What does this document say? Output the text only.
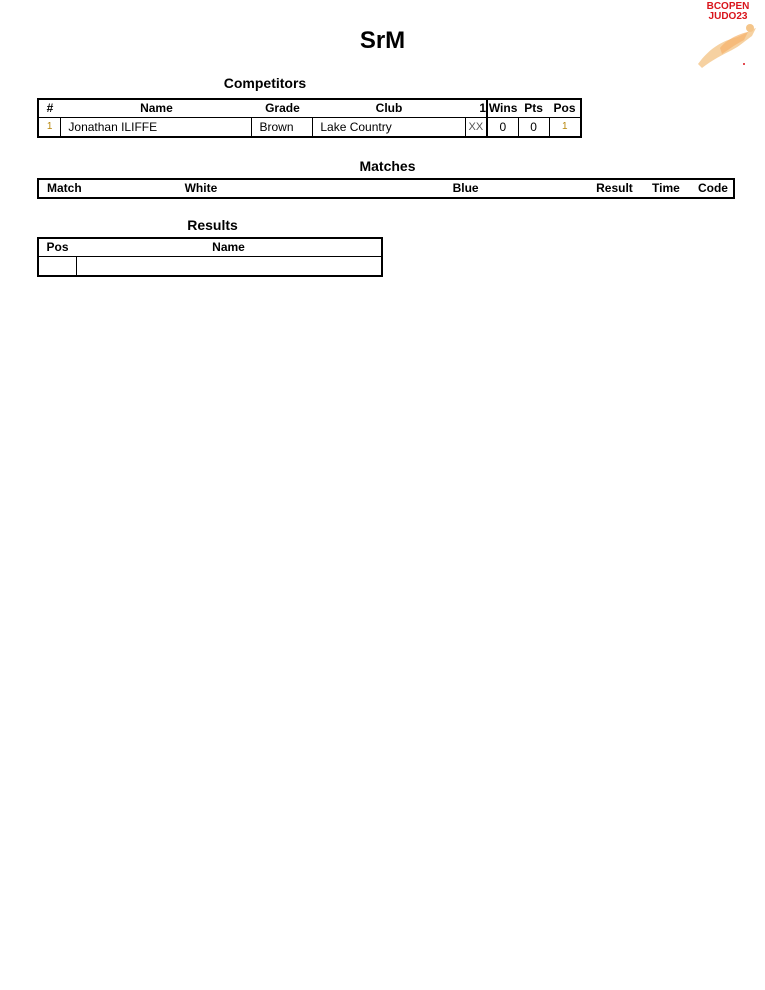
BCOPEN
JUDO23
SrM
Competitors
#	Name	Grade	Club	1	Wins	Pts	Pos
1	Jonathan ILIFFE	Brown	Lake Country	XX	0	0	1
Matches
Match	White	Blue	Result	Time	Code
Results
Pos	Name
